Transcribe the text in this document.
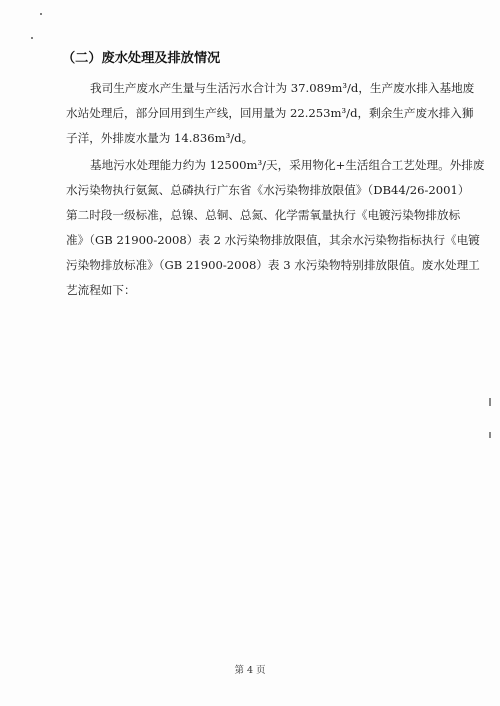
（二）废水处理及排放情况
我司生产废水产生量与生活污水合计为 37.089m³/d，生产废水排入基地废
水站处理后，部分回用到生产线，回用量为 22.253m³/d，剩余生产废水排入狮
子洋，外排废水量为 14.836m³/d。
基地污水处理能力约为 12500m³/天，采用物化+生活组合工艺处理。外排废
水污染物执行氨氮、总磷执行广东省《水污染物排放限值》（DB44/26-2001）
第二时段一级标准，总镍、总铜、总氮、化学需氧量执行《电镀污染物排放标
准》（GB 21900-2008）表 2 水污染物排放限值，其余水污染物指标执行《电镀
污染物排放标准》（GB 21900-2008）表 3 水污染物特别排放限值。废水处理工
艺流程如下：
第 4 页
